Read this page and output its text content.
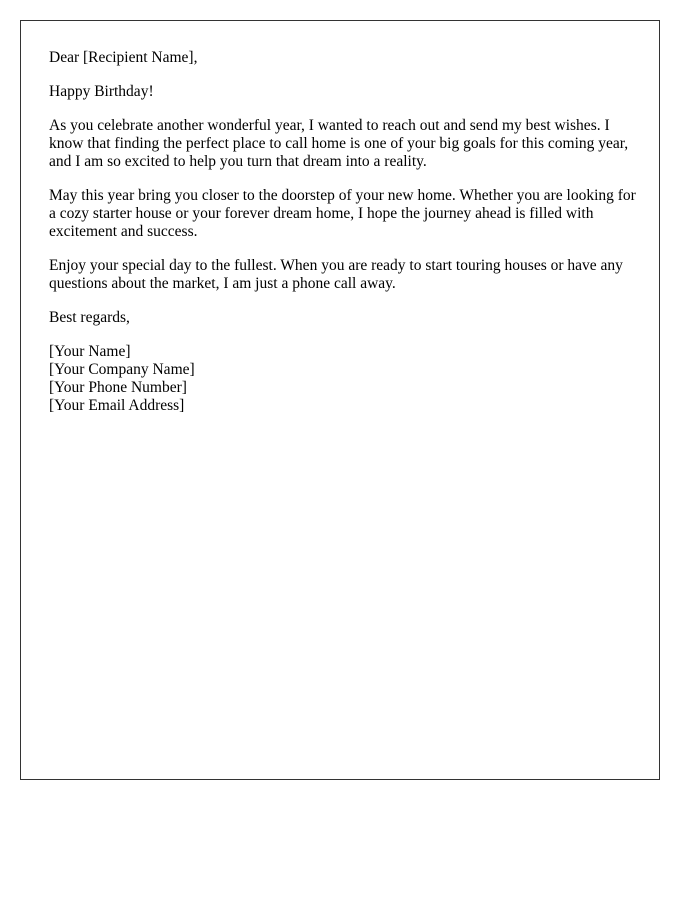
Dear [Recipient Name],

Happy Birthday!

As you celebrate another wonderful year, I wanted to reach out and send my best wishes. I know that finding the perfect place to call home is one of your big goals for this coming year, and I am so excited to help you turn that dream into a reality.

May this year bring you closer to the doorstep of your new home. Whether you are looking for a cozy starter house or your forever dream home, I hope the journey ahead is filled with excitement and success.

Enjoy your special day to the fullest. When you are ready to start touring houses or have any questions about the market, I am just a phone call away.

Best regards,

[Your Name]
[Your Company Name]
[Your Phone Number]
[Your Email Address]
